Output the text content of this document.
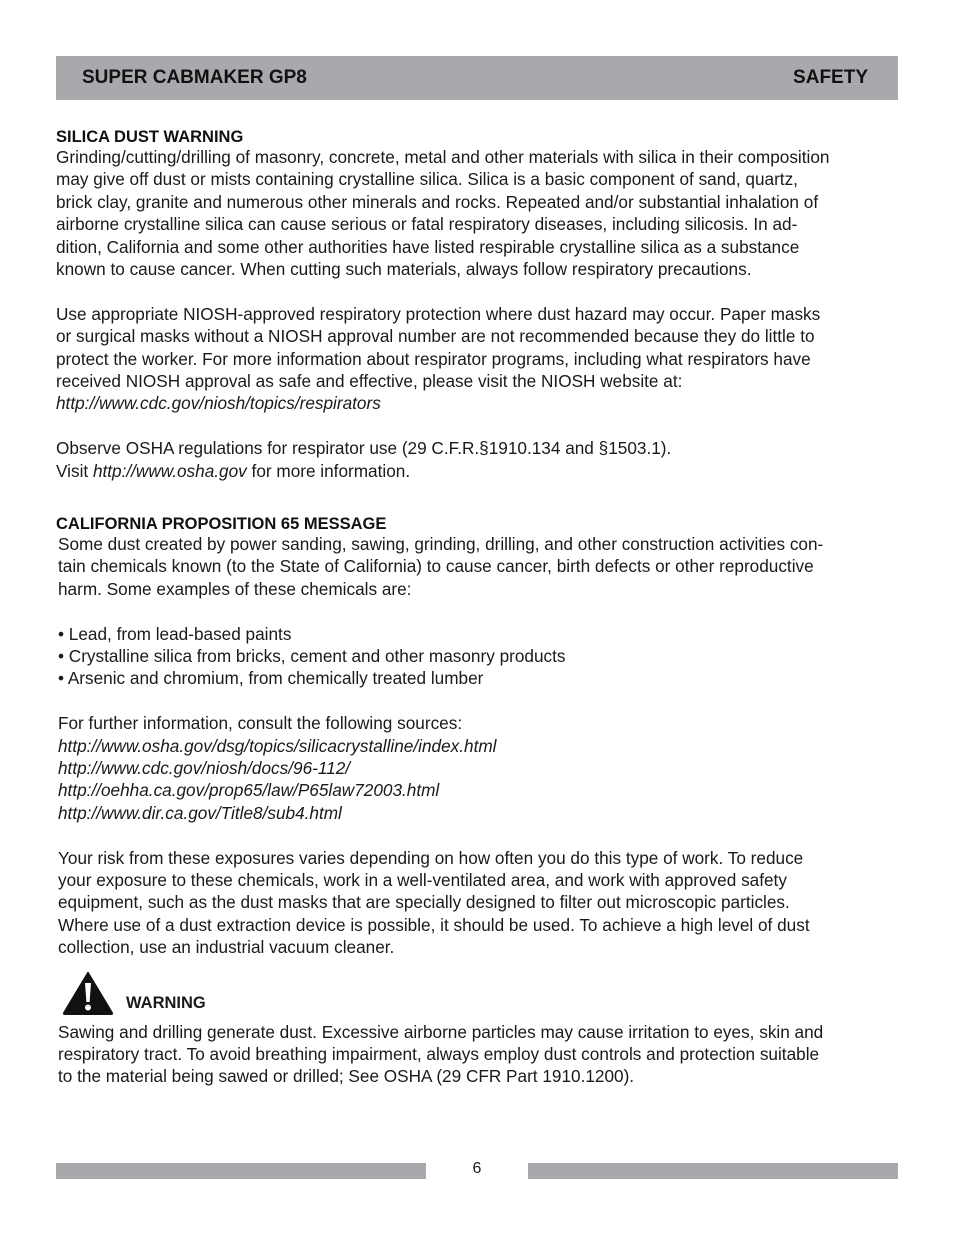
SUPER CABMAKER GP8	SAFETY
SILICA DUST WARNING

Grinding/cutting/drilling of masonry, concrete, metal and other materials with silica in their composition
may give off dust or mists containing crystalline silica. Silica is a basic component of sand, quartz,
brick clay, granite and numerous other minerals and rocks. Repeated and/or substantial inhalation of
airborne crystalline silica can cause serious or fatal respiratory diseases, including silicosis. In ad-
dition, California and some other authorities have listed respirable crystalline silica as a substance
known to cause cancer. When cutting such materials, always follow respiratory precautions.

Use appropriate NIOSH-approved respiratory protection where dust hazard may occur. Paper masks
or surgical masks without a NIOSH approval number are not recommended because they do little to
protect the worker. For more information about respirator programs, including what respirators have
received NIOSH approval as safe and effective, please visit the NIOSH website at:
http://www.cdc.gov/niosh/topics/respirators

Observe OSHA regulations for respirator use (29 C.F.R.§1910.134 and §1503.1).
Visit http://www.osha.gov for more information.

CALIFORNIA PROPOSITION 65 MESSAGE

Some dust created by power sanding, sawing, grinding, drilling, and other construction activities con-
tain chemicals known (to the State of California) to cause cancer, birth defects or other reproductive
harm. Some examples of these chemicals are:

• Lead, from lead-based paints
• Crystalline silica from bricks, cement and other masonry products
• Arsenic and chromium, from chemically treated lumber

For further information, consult the following sources:
http://www.osha.gov/dsg/topics/silicacrystalline/index.html
http://www.cdc.gov/niosh/docs/96-112/
http://oehha.ca.gov/prop65/law/P65law72003.html
http://www.dir.ca.gov/Title8/sub4.html

Your risk from these exposures varies depending on how often you do this type of work. To reduce
your exposure to these chemicals, work in a well-ventilated area, and work with approved safety
equipment, such as the dust masks that are specially designed to filter out microscopic particles.
Where use of a dust extraction device is possible, it should be used. To achieve a high level of dust
collection, use an industrial vacuum cleaner.

WARNING

Sawing and drilling generate dust. Excessive airborne particles may cause irritation to eyes, skin and
respiratory tract. To avoid breathing impairment, always employ dust controls and protection suitable
to the material being sawed or drilled; See OSHA (29 CFR Part 1910.1200).

6
